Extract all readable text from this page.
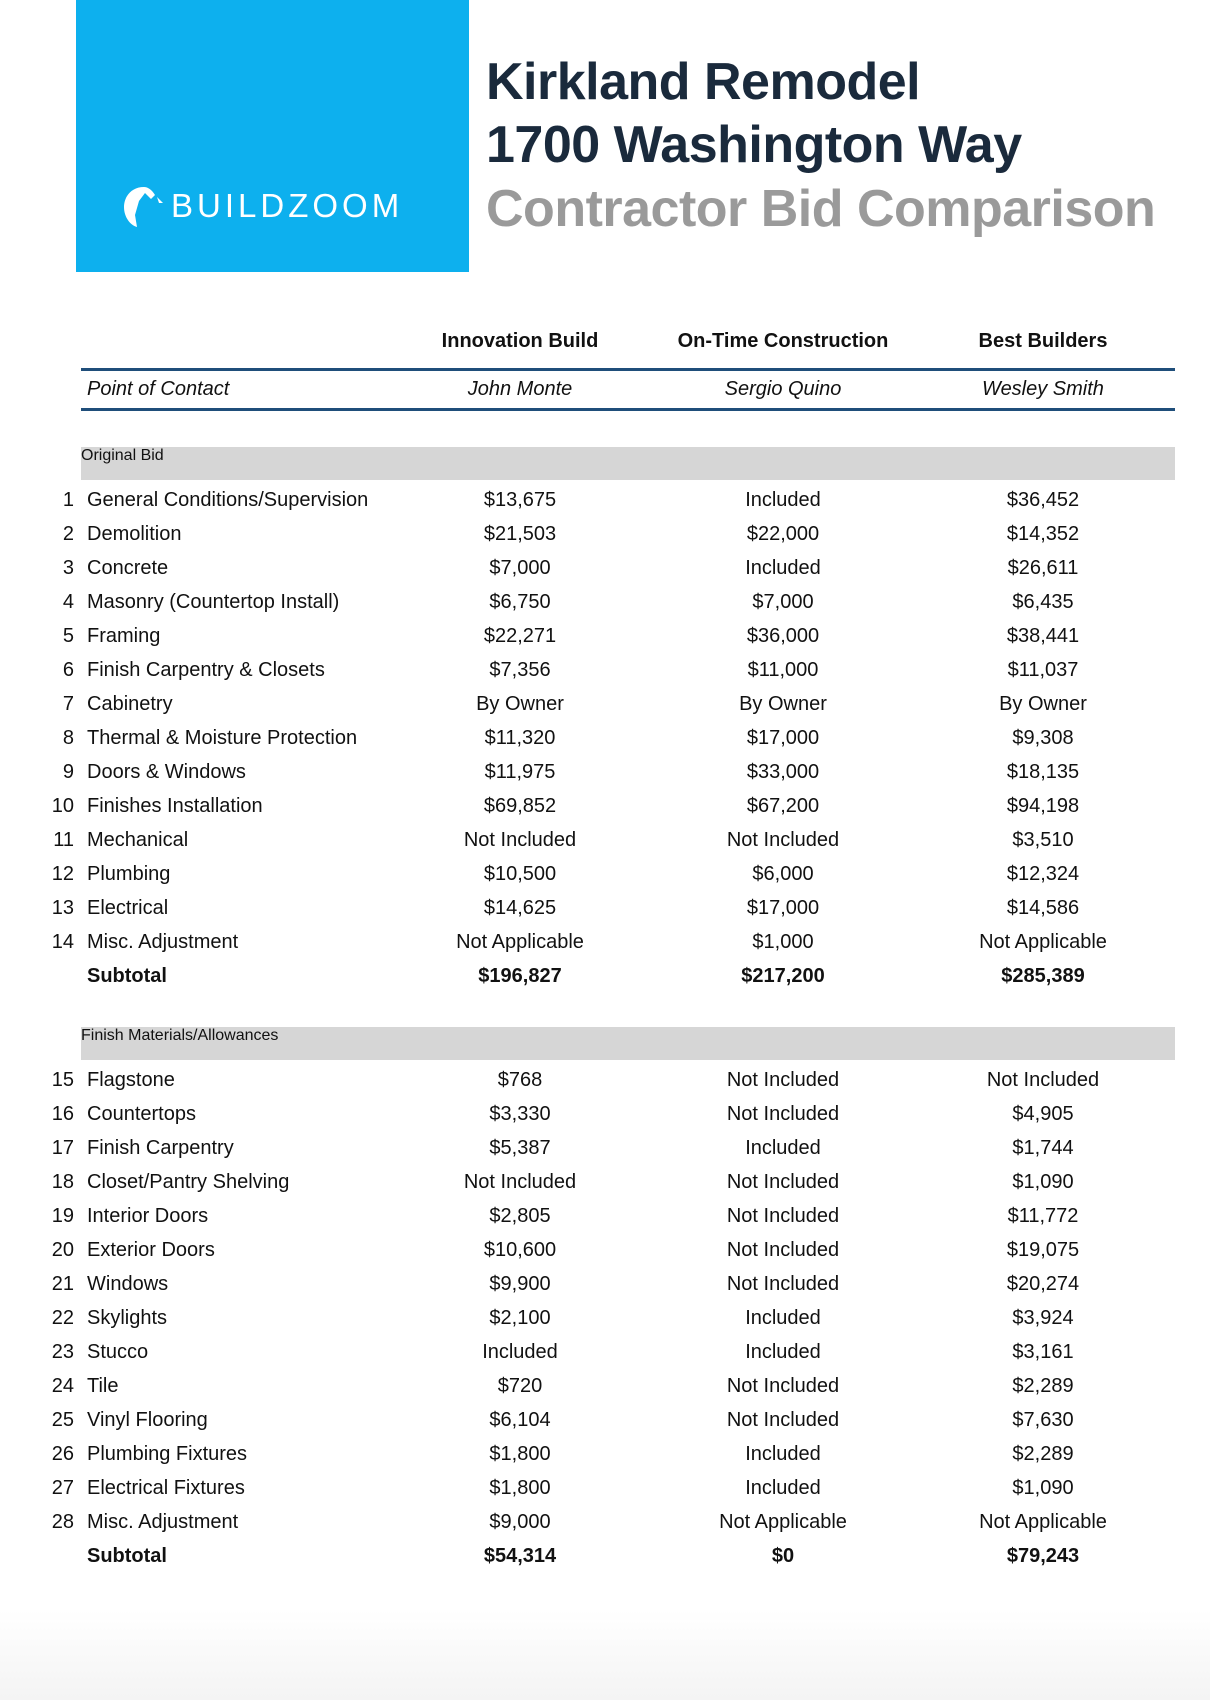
BUILDZOOM
Kirkland Remodel
1700 Washington Way
Contractor Bid Comparison
Innovation Build	On-Time Construction	Best Builders
Point of Contact	John Monte	Sergio Quino	Wesley Smith
Original Bid
1 General Conditions/Supervision	$13,675	Included	$36,452
2 Demolition	$21,503	$22,000	$14,352
3 Concrete	$7,000	Included	$26,611
4 Masonry (Countertop Install)	$6,750	$7,000	$6,435
5 Framing	$22,271	$36,000	$38,441
6 Finish Carpentry & Closets	$7,356	$11,000	$11,037
7 Cabinetry	By Owner	By Owner	By Owner
8 Thermal & Moisture Protection	$11,320	$17,000	$9,308
9 Doors & Windows	$11,975	$33,000	$18,135
10 Finishes Installation	$69,852	$67,200	$94,198
11 Mechanical	Not Included	Not Included	$3,510
12 Plumbing	$10,500	$6,000	$12,324
13 Electrical	$14,625	$17,000	$14,586
14 Misc. Adjustment	Not Applicable	$1,000	Not Applicable
Subtotal	$196,827	$217,200	$285,389
Finish Materials/Allowances
15 Flagstone	$768	Not Included	Not Included
16 Countertops	$3,330	Not Included	$4,905
17 Finish Carpentry	$5,387	Included	$1,744
18 Closet/Pantry Shelving	Not Included	Not Included	$1,090
19 Interior Doors	$2,805	Not Included	$11,772
20 Exterior Doors	$10,600	Not Included	$19,075
21 Windows	$9,900	Not Included	$20,274
22 Skylights	$2,100	Included	$3,924
23 Stucco	Included	Included	$3,161
24 Tile	$720	Not Included	$2,289
25 Vinyl Flooring	$6,104	Not Included	$7,630
26 Plumbing Fixtures	$1,800	Included	$2,289
27 Electrical Fixtures	$1,800	Included	$1,090
28 Misc. Adjustment	$9,000	Not Applicable	Not Applicable
Subtotal	$54,314	$0	$79,243
